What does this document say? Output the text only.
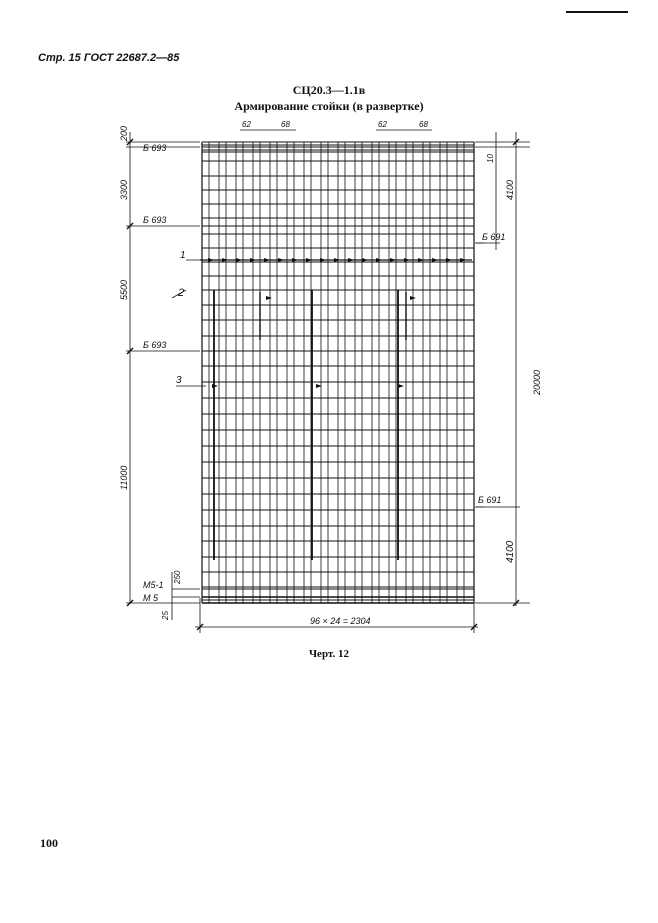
Стр. 15 ГОСТ 22687.2—85
СЦ20.3—1.1в
Армирование стойки (в развертке)
200
3300
5500
11000
250
25
10
4100
20000
4100
62	68	62	68
Б 693
Б 693
Б 693
Б 691
Б 691
М5-1
М 5
1
2
3
96 × 24 = 2304
Черт. 12
100
